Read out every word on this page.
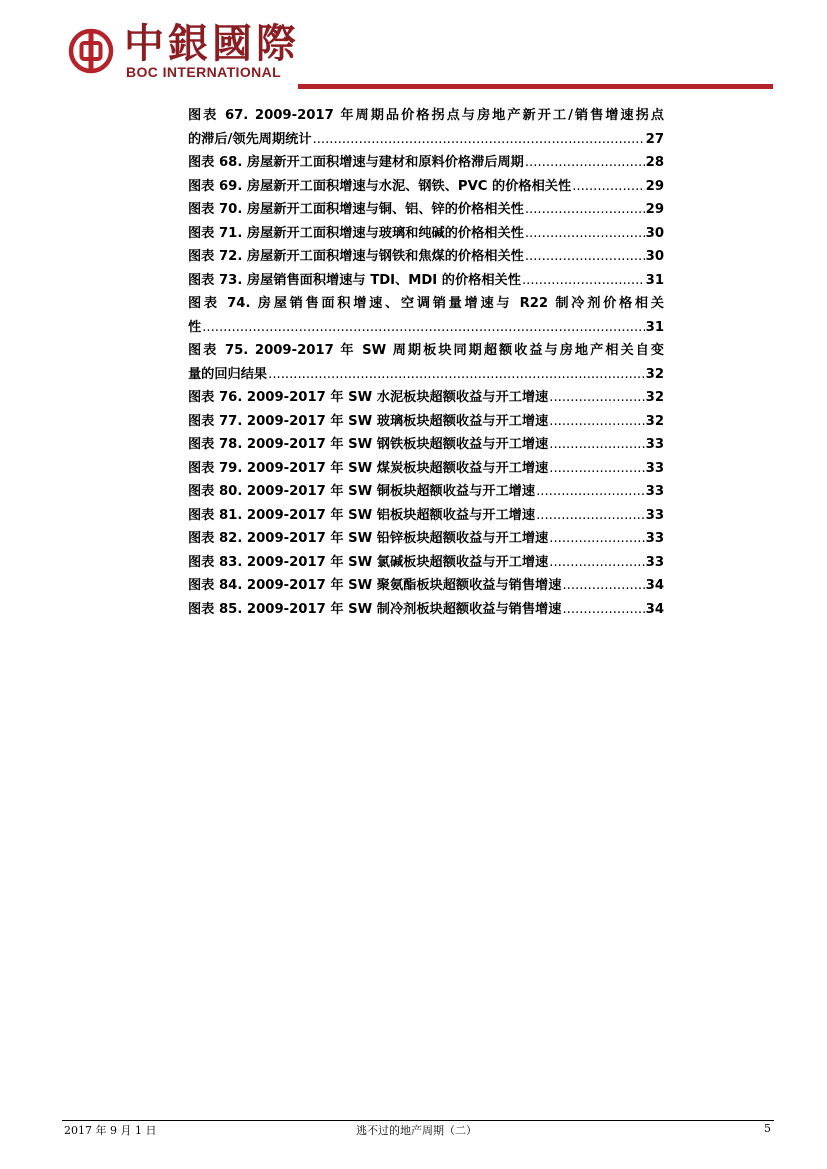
中銀國際
BOC INTERNATIONAL
图表 67. 2009-2017 年周期品价格拐点与房地产新开工/销售增速拐点
的滞后/领先周期统计 .....	27
图表 68. 房屋新开工面积增速与建材和原料价格滞后周期 .....	28
图表 69. 房屋新开工面积增速与水泥、钢铁、PVC 的价格相关性 .....	29
图表 70. 房屋新开工面积增速与铜、铝、锌的价格相关性 .....	29
图表 71. 房屋新开工面积增速与玻璃和纯碱的价格相关性 .....	30
图表 72. 房屋新开工面积增速与钢铁和焦煤的价格相关性 .....	30
图表 73. 房屋销售面积增速与 TDI、MDI 的价格相关性 .....	31
图表 74. 房屋销售面积增速、空调销量增速与 R22 制冷剂价格相关
性 .....	31
图表 75. 2009-2017 年 SW 周期板块同期超额收益与房地产相关自变
量的回归结果 .....	32
图表 76. 2009-2017 年 SW 水泥板块超额收益与开工增速 .....	32
图表 77. 2009-2017 年 SW 玻璃板块超额收益与开工增速 .....	32
图表 78. 2009-2017 年 SW 钢铁板块超额收益与开工增速 .....	33
图表 79. 2009-2017 年 SW 煤炭板块超额收益与开工增速 .....	33
图表 80. 2009-2017 年 SW 铜板块超额收益与开工增速 .....	33
图表 81. 2009-2017 年 SW 铝板块超额收益与开工增速 .....	33
图表 82. 2009-2017 年 SW 铅锌板块超额收益与开工增速 .....	33
图表 83. 2009-2017 年 SW 氯碱板块超额收益与开工增速 .....	33
图表 84. 2009-2017 年 SW 聚氨酯板块超额收益与销售增速 .....	34
图表 85. 2009-2017 年 SW 制冷剂板块超额收益与销售增速 .....	34
2017 年 9 月 1 日	逃不过的地产周期（二）	5
